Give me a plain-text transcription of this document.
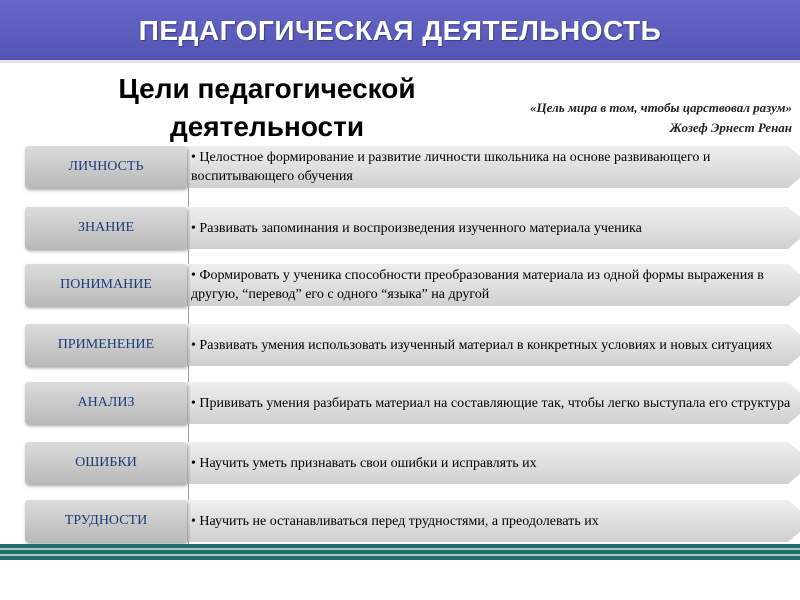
ПЕДАГОГИЧЕСКАЯ ДЕЯТЕЛЬНОСТЬ
Цели педагогической деятельности
«Цель мира в том, чтобы царствовал разум»
Жозеф Эрнест Ренан
• Целостное формирование и развитие личности школьника на основе развивающего и воспитывающего обучения
ЛИЧНОСТЬ
• Развивать запоминания и воспроизведения изученного материала ученика
ЗНАНИЕ
• Формировать у ученика способности преобразования материала из одной формы выражения в другую, “перевод” его с одного “языка” на другой
ПОНИМАНИЕ
• Развивать умения использовать изученный материал в конкретных условиях и новых ситуациях
ПРИМЕНЕНИЕ
• Прививать умения разбирать материал на составляющие так, чтобы легко выступала его структура
АНАЛИЗ
• Научить уметь признавать свои ошибки и исправлять их
ОШИБКИ
• Научить не останавливаться перед трудностями, а преодолевать их
ТРУДНОСТИ
